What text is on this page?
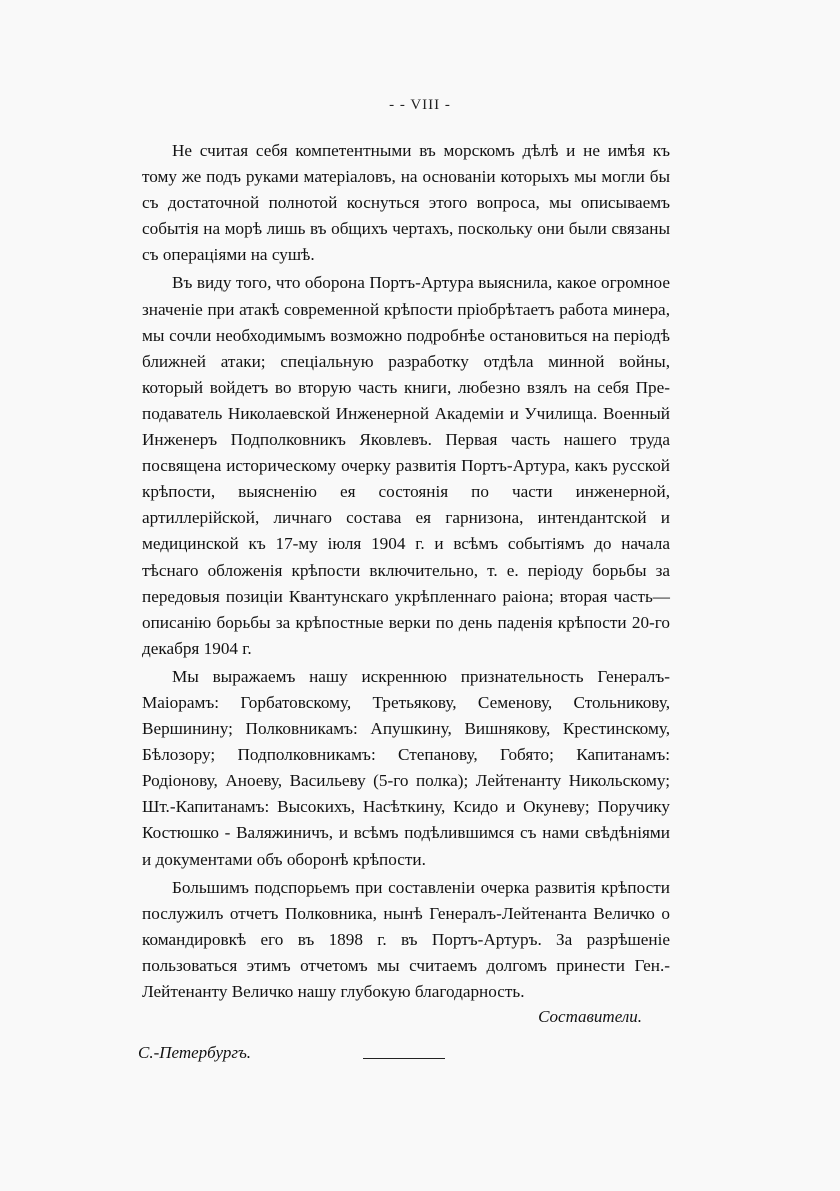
- - VIII -

Не считая себя компетентными въ морскомъ дѣлѣ и не имѣя къ тому же подъ руками матеріаловъ, на основаніи которыхъ мы могли бы съ достаточной полнотой коснуться этого вопроса, мы описываемъ событія на морѣ лишь въ общихъ чертахъ, поскольку они были связаны съ операціями на сушѣ.

Въ виду того, что оборона Портъ-Артура выяснила, какое огромное значеніе при атакѣ современной крѣпости пріобрѣтаетъ работа минера, мы сочли необходимымъ возможно подробнѣе остановиться на періодѣ ближней атаки; спеціальную разработку отдѣла минной войны, который войдетъ во вторую часть книги, любезно взялъ на себя Преподаватель Николаевской Инженерной Академіи и Училища. Военный Инженеръ Подполковникъ Яковлевъ. Первая часть нашего труда посвящена историческому очерку развитія Портъ-Артура, какъ русской крѣпости, выясненію ея состоянія по части инженерной, артиллерійской, личнаго состава ея гарнизона, интендантской и медицинской къ 17-му іюля 1904 г. и всѣмъ событіямъ до начала тѣснаго обложенія крѣпости включительно, т. е. періоду борьбы за передовыя позиціи Квантунскаго укрѣпленнаго раіона; вторая часть—описанію борьбы за крѣпостные верки по день паденія крѣпости 20-го декабря 1904 г.

Мы выражаемъ нашу искреннюю признательность Генералъ-Маіорамъ: Горбатовскому, Третьякову, Семенову, Стольникову, Вершинину; Полковникамъ: Апушкину, Вишнякову, Крестинскому, Бѣлозору; Подполковникамъ: Степанову, Гобято; Капитанамъ: Родіонову, Аноеву, Васильеву (5-го полка); Лейтенанту Никольскому; Шт.-Капитанамъ: Высокихъ, Насѣткину, Ксидо и Окуневу; Поручику Костюшко - Валяжиничъ, и всѣмъ подѣлившимся съ нами свѣдѣніями и документами объ оборонѣ крѣпости.

Большимъ подспорьемъ при составленіи очерка развитія крѣпости послужилъ отчетъ Полковника, нынѣ Генералъ-Лейтенанта Величко о командировкѣ его въ 1898 г. въ Портъ-Артуръ. За разрѣшеніе пользоваться этимъ отчетомъ мы считаемъ долгомъ принести Ген.-Лейтенанту Величко нашу глубокую благодарность.

Составители.
С.-Петербургъ.
